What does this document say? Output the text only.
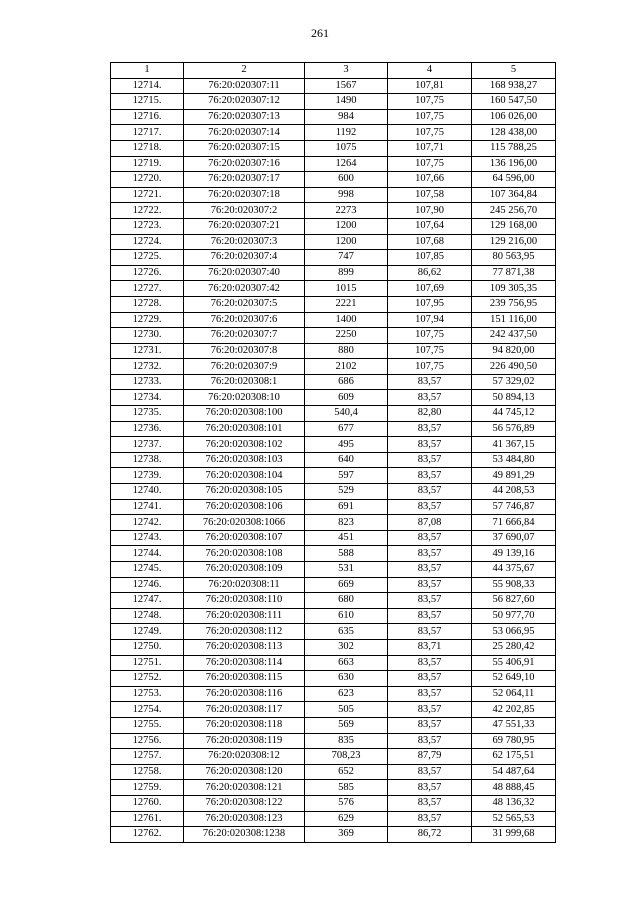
261
1	2	3	4	5
12714.	76:20:020307:11	1567	107,81	168 938,27
12715.	76:20:020307:12	1490	107,75	160 547,50
12716.	76:20:020307:13	984	107,75	106 026,00
12717.	76:20:020307:14	1192	107,75	128 438,00
12718.	76:20:020307:15	1075	107,71	115 788,25
12719.	76:20:020307:16	1264	107,75	136 196,00
12720.	76:20:020307:17	600	107,66	64 596,00
12721.	76:20:020307:18	998	107,58	107 364,84
12722.	76:20:020307:2	2273	107,90	245 256,70
12723.	76:20:020307:21	1200	107,64	129 168,00
12724.	76:20:020307:3	1200	107,68	129 216,00
12725.	76:20:020307:4	747	107,85	80 563,95
12726.	76:20:020307:40	899	86,62	77 871,38
12727.	76:20:020307:42	1015	107,69	109 305,35
12728.	76:20:020307:5	2221	107,95	239 756,95
12729.	76:20:020307:6	1400	107,94	151 116,00
12730.	76:20:020307:7	2250	107,75	242 437,50
12731.	76:20:020307:8	880	107,75	94 820,00
12732.	76:20:020307:9	2102	107,75	226 490,50
12733.	76:20:020308:1	686	83,57	57 329,02
12734.	76:20:020308:10	609	83,57	50 894,13
12735.	76:20:020308:100	540,4	82,80	44 745,12
12736.	76:20:020308:101	677	83,57	56 576,89
12737.	76:20:020308:102	495	83,57	41 367,15
12738.	76:20:020308:103	640	83,57	53 484,80
12739.	76:20:020308:104	597	83,57	49 891,29
12740.	76:20:020308:105	529	83,57	44 208,53
12741.	76:20:020308:106	691	83,57	57 746,87
12742.	76:20:020308:1066	823	87,08	71 666,84
12743.	76:20:020308:107	451	83,57	37 690,07
12744.	76:20:020308:108	588	83,57	49 139,16
12745.	76:20:020308:109	531	83,57	44 375,67
12746.	76:20:020308:11	669	83,57	55 908,33
12747.	76:20:020308:110	680	83,57	56 827,60
12748.	76:20:020308:111	610	83,57	50 977,70
12749.	76:20:020308:112	635	83,57	53 066,95
12750.	76:20:020308:113	302	83,71	25 280,42
12751.	76:20:020308:114	663	83,57	55 406,91
12752.	76:20:020308:115	630	83,57	52 649,10
12753.	76:20:020308:116	623	83,57	52 064,11
12754.	76:20:020308:117	505	83,57	42 202,85
12755.	76:20:020308:118	569	83,57	47 551,33
12756.	76:20:020308:119	835	83,57	69 780,95
12757.	76:20:020308:12	708,23	87,79	62 175,51
12758.	76:20:020308:120	652	83,57	54 487,64
12759.	76:20:020308:121	585	83,57	48 888,45
12760.	76:20:020308:122	576	83,57	48 136,32
12761.	76:20:020308:123	629	83,57	52 565,53
12762.	76:20:020308:1238	369	86,72	31 999,68
